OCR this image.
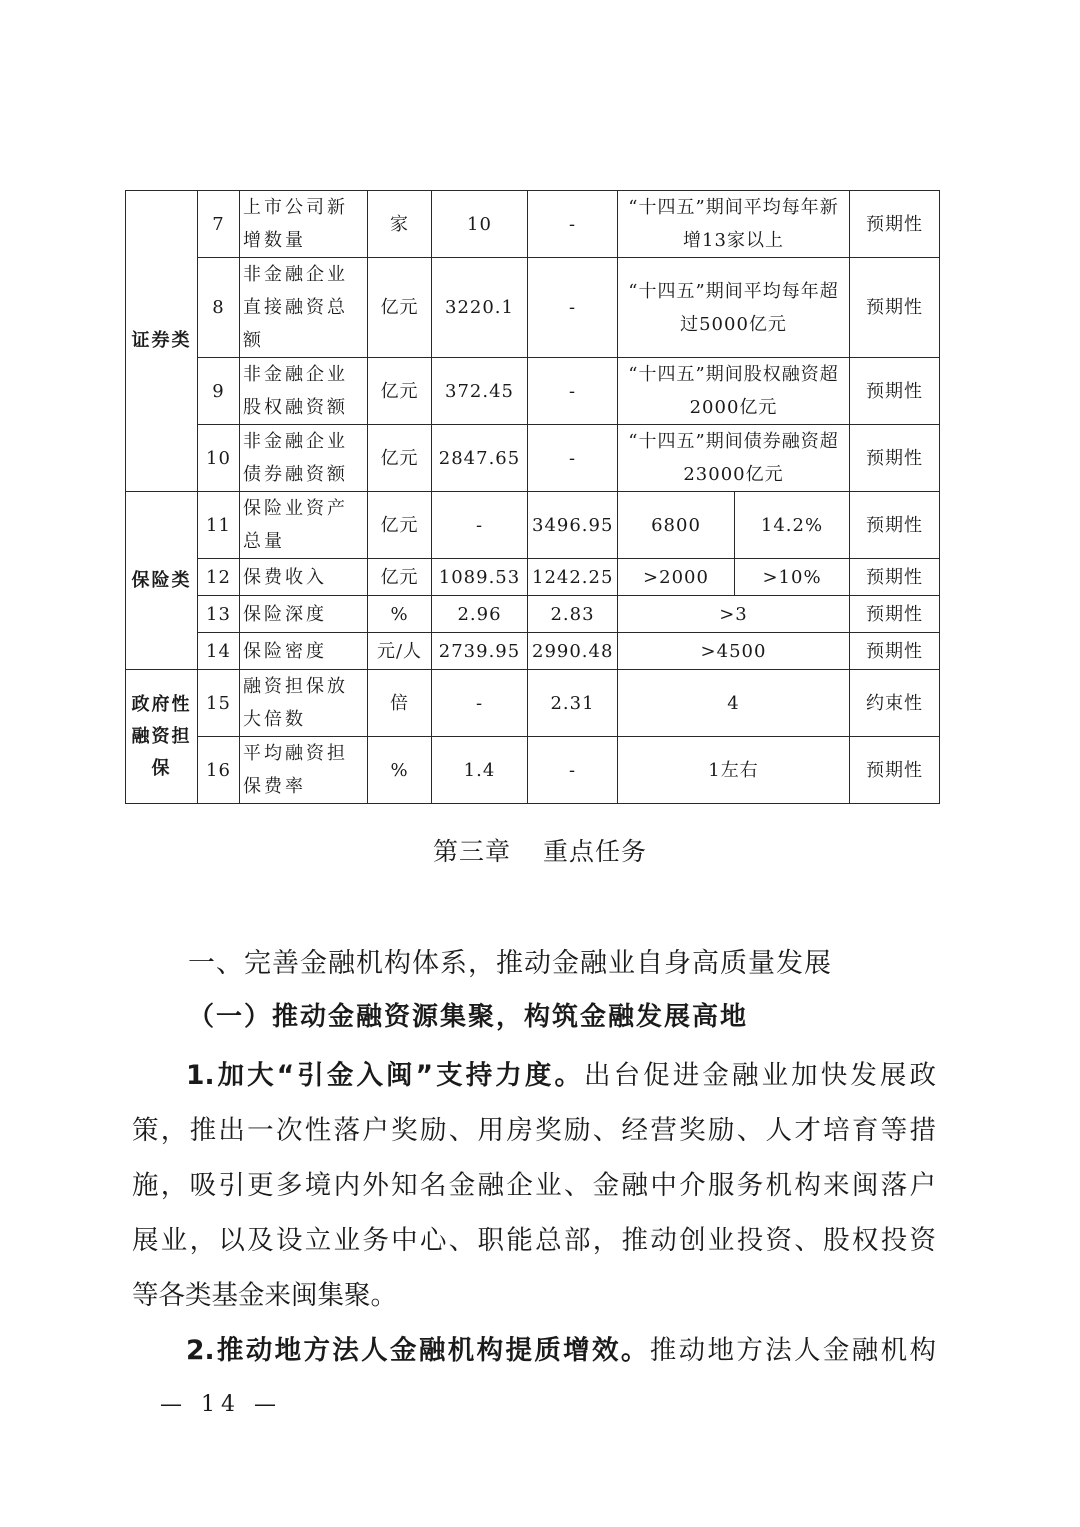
证券类	7	上市公司新增数量	家	10	-	“十四五”期间平均每年新增13家以上		预期性
	8	非金融企业直接融资总额	亿元	3220.1	-	“十四五”期间平均每年超过5000亿元		预期性
	9	非金融企业股权融资额	亿元	372.45	-	“十四五”期间股权融资超2000亿元		预期性
	10	非金融企业债券融资额	亿元	2847.65	-	“十四五”期间债券融资超23000亿元		预期性
保险类	11	保险业资产总量	亿元	-	3496.95	6800	14.2%	预期性
	12	保费收入	亿元	1089.53	1242.25	>2000	>10%	预期性
	13	保险深度	%	2.96	2.83	>3		预期性
	14	保险密度	元/人	2739.95	2990.48	>4500		预期性
政府性融资担保	15	融资担保放大倍数	倍	-	2.31	4		约束性
	16	平均融资担保费率	%	1.4	-	1左右		预期性
第三章 重点任务
一、完善金融机构体系，推动金融业自身高质量发展
（一）推动金融资源集聚，构筑金融发展高地
1.加大“引金入闽”支持力度。出台促进金融业加快发展政
策，推出一次性落户奖励、用房奖励、经营奖励、人才培育等措
施，吸引更多境内外知名金融企业、金融中介服务机构来闽落户
展业，以及设立业务中心、职能总部，推动创业投资、股权投资
等各类基金来闽集聚。
2.推动地方法人金融机构提质增效。推动地方法人金融机构
— 14 —
